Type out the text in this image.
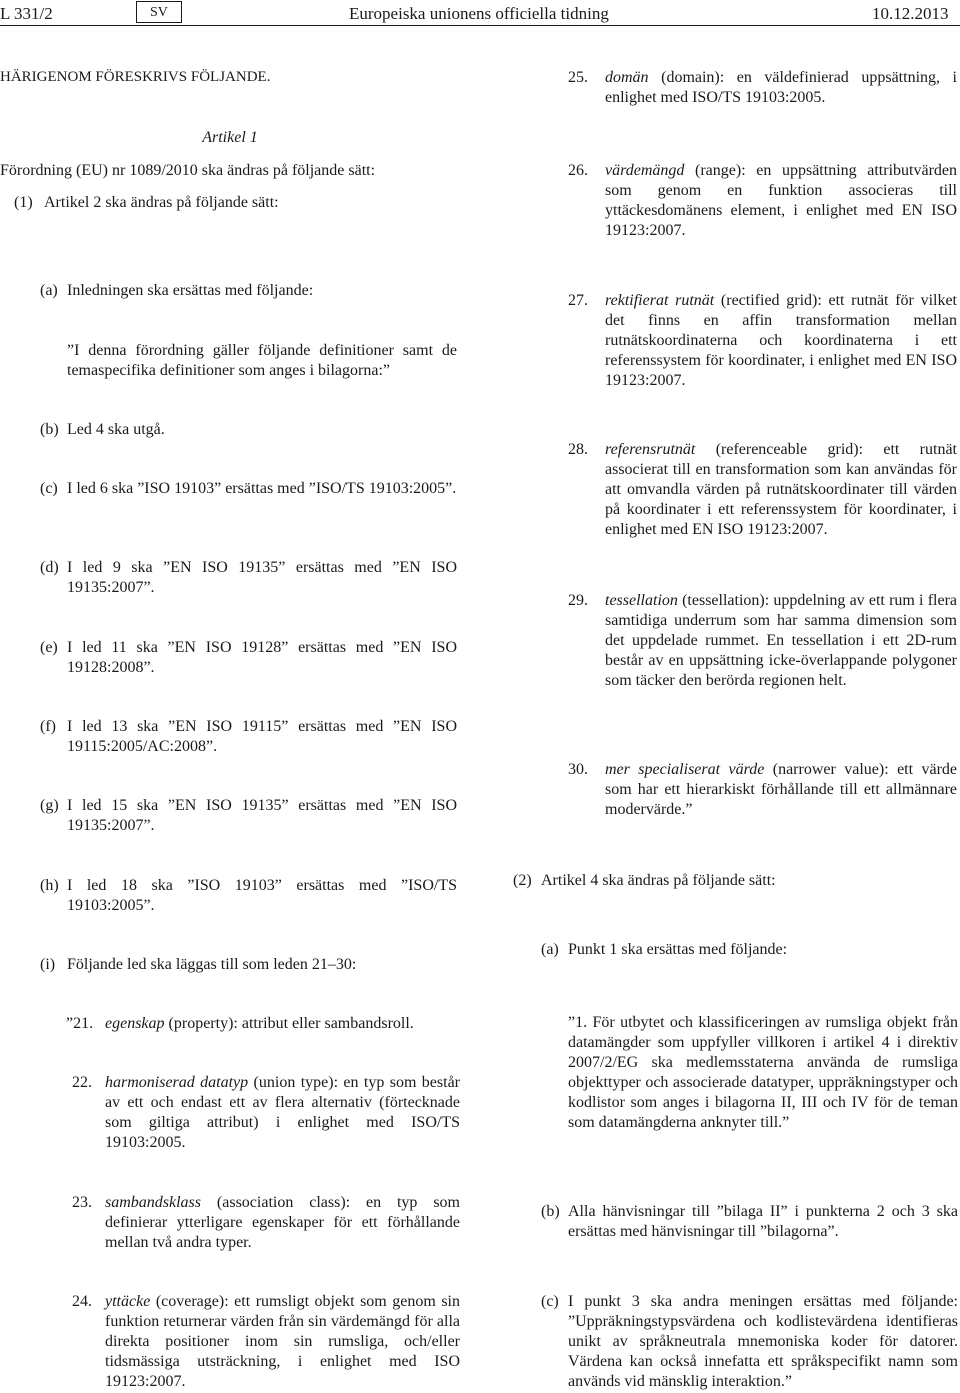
L 331/2	SV	Europeiska unionens officiella tidning	10.12.2013
HÄRIGENOM FÖRESKRIVS FÖLJANDE.
Artikel 1
Förordning (EU) nr 1089/2010 ska ändras på följande sätt:
(1) Artikel 2 ska ändras på följande sätt:
(a) Inledningen ska ersättas med följande:
”I denna förordning gäller följande definitioner samt de temaspecifika definitioner som anges i bilagorna:”
(b) Led 4 ska utgå.
(c) I led 6 ska ”ISO 19103” ersättas med ”ISO/TS 19103:2005”.
(d) I led 9 ska ”EN ISO 19135” ersättas med ”EN ISO 19135:2007”.
(e) I led 11 ska ”EN ISO 19128” ersättas med ”EN ISO 19128:2008”.
(f) I led 13 ska ”EN ISO 19115” ersättas med ”EN ISO 19115:2005/AC:2008”.
(g) I led 15 ska ”EN ISO 19135” ersättas med ”EN ISO 19135:2007”.
(h) I led 18 ska ”ISO 19103” ersättas med ”ISO/TS 19103:2005”.
(i) Följande led ska läggas till som leden 21–30:
”21. egenskap (property): attribut eller sambandsroll.
22. harmoniserad datatyp (union type): en typ som består av ett och endast ett av flera alternativ (förtecknade som giltiga attribut) i enlighet med ISO/TS 19103:2005.
23. sambandsklass (association class): en typ som definierar ytterligare egenskaper för ett förhållande mellan två andra typer.
24. yttäcke (coverage): ett rumsligt objekt som genom sin funktion returnerar värden från sin värdemängd för alla direkta positioner inom sin rumsliga, och/eller tidsmässiga utsträckning, i enlighet med ISO 19123:2007.
25. domän (domain): en väldefinierad uppsättning, i enlighet med ISO/TS 19103:2005.
26. värdemängd (range): en uppsättning attributvärden som genom en funktion associeras till yttäckesdomänens element, i enlighet med EN ISO 19123:2007.
27. rektifierat rutnät (rectified grid): ett rutnät för vilket det finns en affin transformation mellan rutnätskoordinaterna och koordinaterna i ett referenssystem för koordinater, i enlighet med EN ISO 19123:2007.
28. referensrutnät (referenceable grid): ett rutnät associerat till en transformation som kan användas för att omvandla värden på rutnätskoordinater till värden på koordinater i ett referenssystem för koordinater, i enlighet med EN ISO 19123:2007.
29. tessellation (tessellation): uppdelning av ett rum i flera samtidiga underrum som har samma dimension som det uppdelade rummet. En tessellation i ett 2D-rum består av en uppsättning icke-överlappande polygoner som täcker den berörda regionen helt.
30. mer specialiserat värde (narrower value): ett värde som har ett hierarkiskt förhållande till ett allmännare modervärde.”
(2) Artikel 4 ska ändras på följande sätt:
(a) Punkt 1 ska ersättas med följande:
”1. För utbytet och klassificeringen av rumsliga objekt från datamängder som uppfyller villkoren i artikel 4 i direktiv 2007/2/EG ska medlemsstaterna använda de rumsliga objekttyper och associerade datatyper, uppräkningstyper och kodlistor som anges i bilagorna II, III och IV för de teman som datamängderna anknyter till.”
(b) Alla hänvisningar till ”bilaga II” i punkterna 2 och 3 ska ersättas med hänvisningar till ”bilagorna”.
(c) I punkt 3 ska andra meningen ersättas med följande: ”Uppräkningstypsvärdena och kodlistevärdena identifieras unikt av språkneutrala mnemoniska koder för datorer. Värdena kan också innefatta ett språkspecifikt namn som används vid mänsklig interaktion.”
